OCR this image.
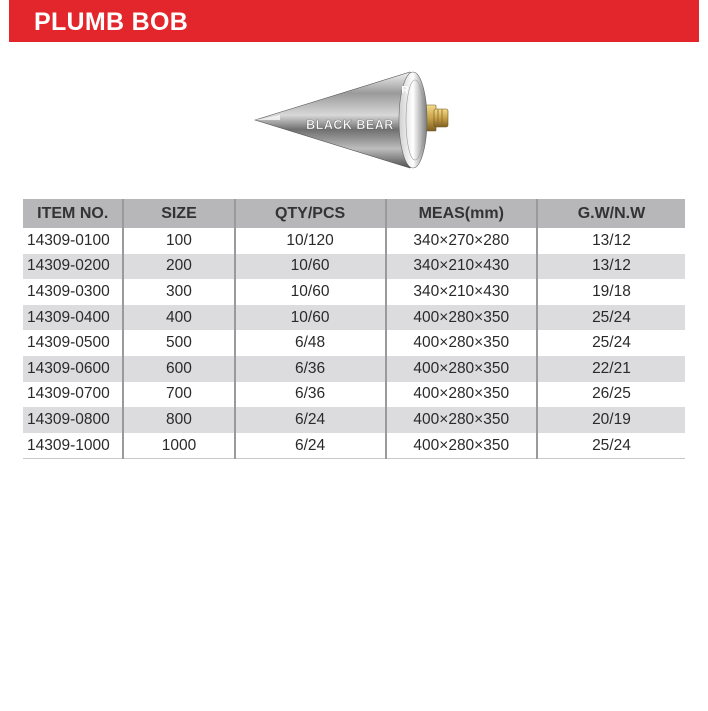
PLUMB BOB
BLACK BEAR
R
ITEM NO.	SIZE	QTY/PCS	MEAS(mm)	G.W/N.W
14309-0100	100	10/120	340×270×280	13/12
14309-0200	200	10/60	340×210×430	13/12
14309-0300	300	10/60	340×210×430	19/18
14309-0400	400	10/60	400×280×350	25/24
14309-0500	500	6/48	400×280×350	25/24
14309-0600	600	6/36	400×280×350	22/21
14309-0700	700	6/36	400×280×350	26/25
14309-0800	800	6/24	400×280×350	20/19
14309-1000	1000	6/24	400×280×350	25/24
